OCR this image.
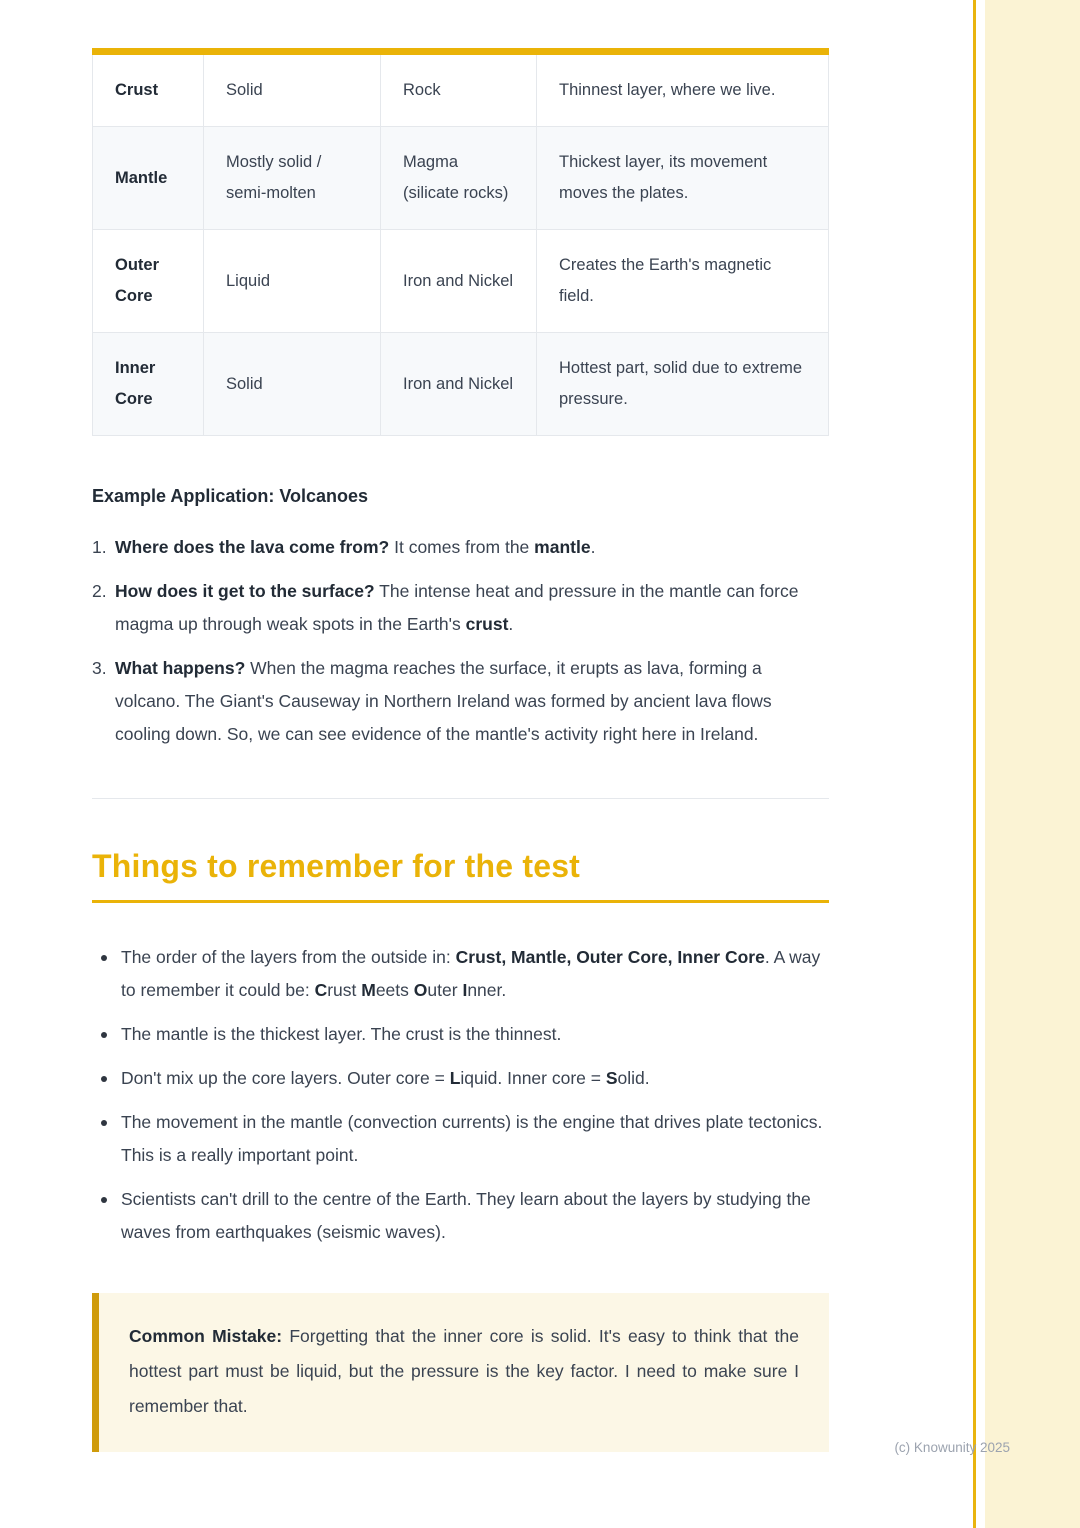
Crust	Solid	Rock	Thinnest layer, where we live.
Mantle	Mostly solid / semi-molten	Magma (silicate rocks)	Thickest layer, its movement moves the plates.
Outer Core	Liquid	Iron and Nickel	Creates the Earth's magnetic field.
Inner Core	Solid	Iron and Nickel	Hottest part, solid due to extreme pressure.

Example Application: Volcanoes

1. Where does the lava come from? It comes from the mantle.
2. How does it get to the surface? The intense heat and pressure in the mantle can force magma up through weak spots in the Earth's crust.
3. What happens? When the magma reaches the surface, it erupts as lava, forming a volcano. The Giant's Causeway in Northern Ireland was formed by ancient lava flows cooling down. So, we can see evidence of the mantle's activity right here in Ireland.
Things to remember for the test
The order of the layers from the outside in: Crust, Mantle, Outer Core, Inner Core. A way to remember it could be: Crust Meets Outer Inner.
The mantle is the thickest layer. The crust is the thinnest.
Don't mix up the core layers. Outer core = Liquid. Inner core = Solid.
The movement in the mantle (convection currents) is the engine that drives plate tectonics. This is a really important point.
Scientists can't drill to the centre of the Earth. They learn about the layers by studying the waves from earthquakes (seismic waves).

Common Mistake: Forgetting that the inner core is solid. It's easy to think that the hottest part must be liquid, but the pressure is the key factor. I need to make sure I remember that.

(c) Knowunity 2025
